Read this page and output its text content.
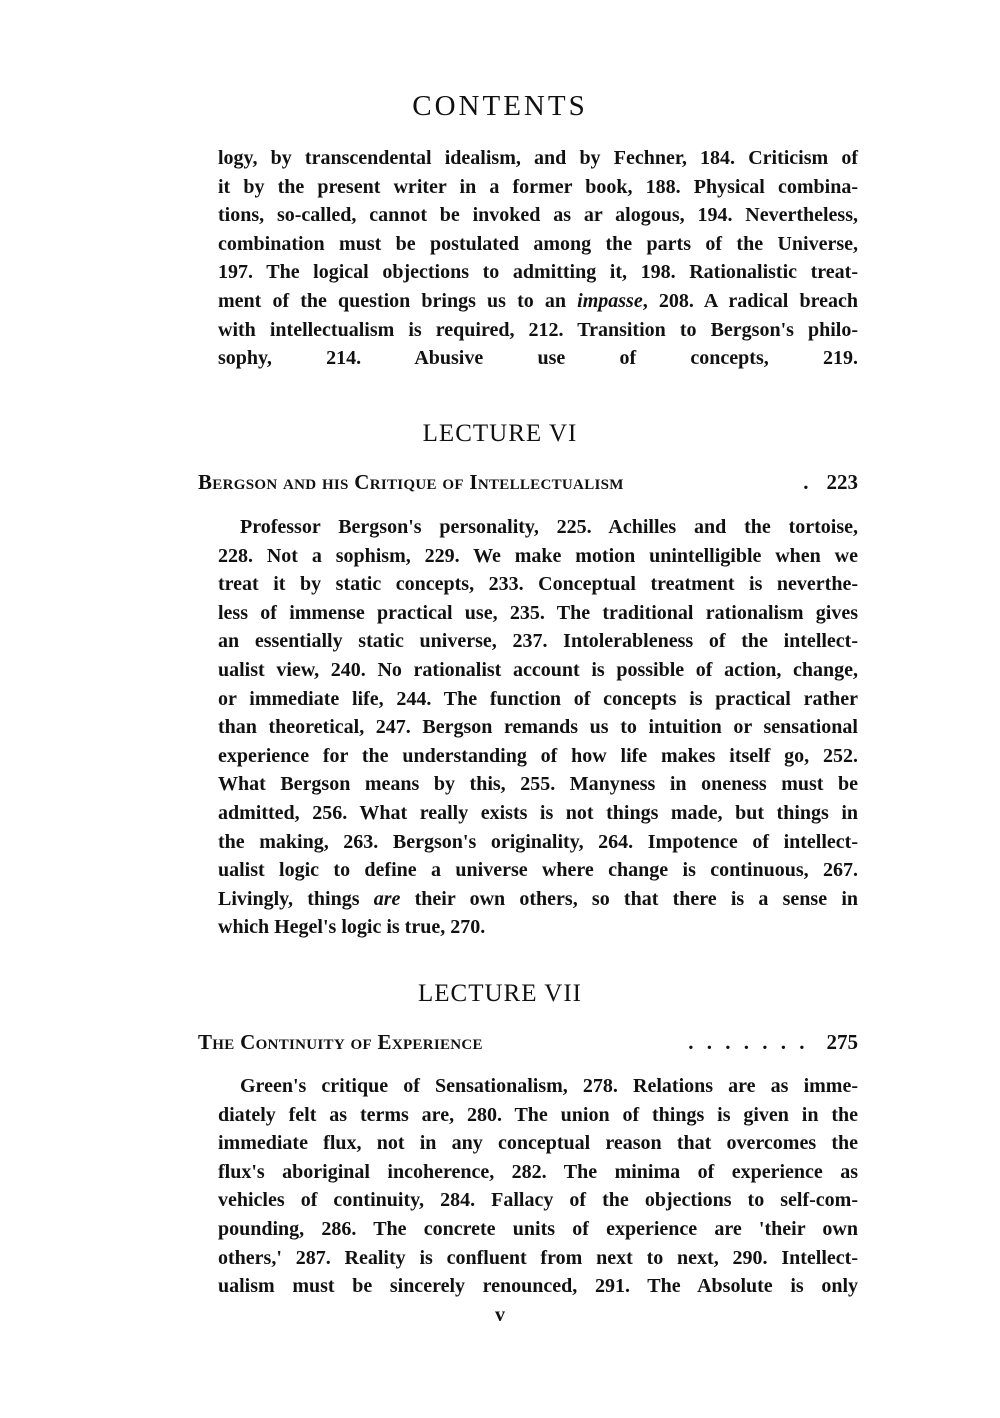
CONTENTS
logy, by transcendental idealism, and by Fechner, 184. Criticism of
it by the present writer in a former book, 188. Physical combina-
tions, so-called, cannot be invoked as ar alogous, 194. Nevertheless,
combination must be postulated among the parts of the Universe,
197. The logical objections to admitting it, 198. Rationalistic treat-
ment of the question brings us to an impasse, 208. A radical breach
with intellectualism is required, 212. Transition to Bergson's philo-
sophy, 214. Abusive use of concepts, 219.
LECTURE VI
Bergson and his Critique of Intellectualism	. 223
Professor Bergson's personality, 225. Achilles and the tortoise,
228. Not a sophism, 229. We make motion unintelligible when we
treat it by static concepts, 233. Conceptual treatment is neverthe-
less of immense practical use, 235. The traditional rationalism gives
an essentially static universe, 237. Intolerableness of the intellect-
ualist view, 240. No rationalist account is possible of action, change,
or immediate life, 244. The function of concepts is practical rather
than theoretical, 247. Bergson remands us to intuition or sensational
experience for the understanding of how life makes itself go, 252.
What Bergson means by this, 255. Manyness in oneness must be
admitted, 256. What really exists is not things made, but things in
the making, 263. Bergson's originality, 264. Impotence of intellect-
ualist logic to define a universe where change is continuous, 267.
Livingly, things are their own others, so that there is a sense in
which Hegel's logic is true, 270.
LECTURE VII
The Continuity of Experience	. . . . . . . 275
Green's critique of Sensationalism, 278. Relations are as imme-
diately felt as terms are, 280. The union of things is given in the
immediate flux, not in any conceptual reason that overcomes the
flux's aboriginal incoherence, 282. The minima of experience as
vehicles of continuity, 284. Fallacy of the objections to self-com-
pounding, 286. The concrete units of experience are 'their own
others,' 287. Reality is confluent from next to next, 290. Intellect-
ualism must be sincerely renounced, 291. The Absolute is only
v
